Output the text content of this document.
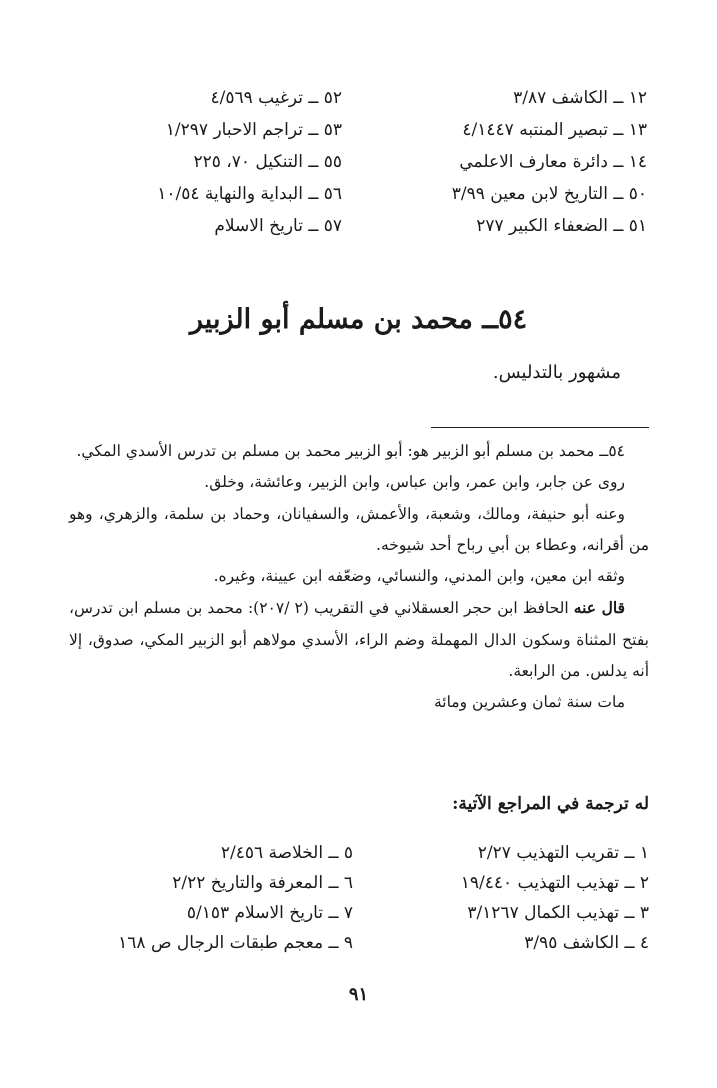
١٢ ــ الكاشف ٣/٨٧
١٣ ــ تبصير المنتبه ٤/١٤٤٧
١٤ ــ دائرة معارف الاعلمي
٥٠ ــ التاريخ لابن معين ٣/٩٩
٥١ ــ الضعفاء الكبير ٢٧٧
٥٢ ــ ترغيب ٤/٥٦٩
٥٣ ــ تراجم الاحبار ١/٢٩٧
٥٥ ــ التنكيل ٧٠، ٢٢٥
٥٦ ــ البداية والنهاية ١٠/٥٤
٥٧ ــ تاريخ الاسلام
٥٤ــ محمد بن مسلم أبو الزبير

مشهور بالتدليس.

٥٤ــ محمد بن مسلم أبو الزبير هو: أبو الزبير محمد بن مسلم بن تدرس الأسدي المكي.

روى عن جابر، وابن عمر، وابن عباس، وابن الزبير، وعائشة، وخلق.

وعنه أبو حنيفة، ومالك، وشعبة، والأعمش، والسفيانان، وحماد بن سلمة، والزهري، وهو من أقرانه، وعطاء بن أبي رباح أحد شيوخه.

وثقه ابن معين، وابن المدني، والنسائي، وضعّفه ابن عيينة، وغيره.

قال عنه الحافظ ابن حجر العسقلاني في التقريب (٢ /٢٠٧): محمد بن مسلم ابن تدرس، بفتح المثناة وسكون الدال المهملة وضم الراء، الأسدي مولاهم أبو الزبير المكي، صدوق، إلا أنه يدلس. من الرابعة.

مات سنة ثمان وعشرين ومائة

له ترجمة في المراجع الآتية:

١ ــ تقريب التهذيب ٢/٢٧
٢ ــ تهذيب التهذيب ١٩/٤٤٠
٣ ــ تهذيب الكمال ٣/١٢٦٧
٤ ــ الكاشف ٣/٩٥
٥ ــ الخلاصة ٢/٤٥٦
٦ ــ المعرفة والتاريخ ٢/٢٢
٧ ــ تاريخ الاسلام ٥/١٥٣
٩ ــ معجم طبقات الرجال ص ١٦٨
٩١
